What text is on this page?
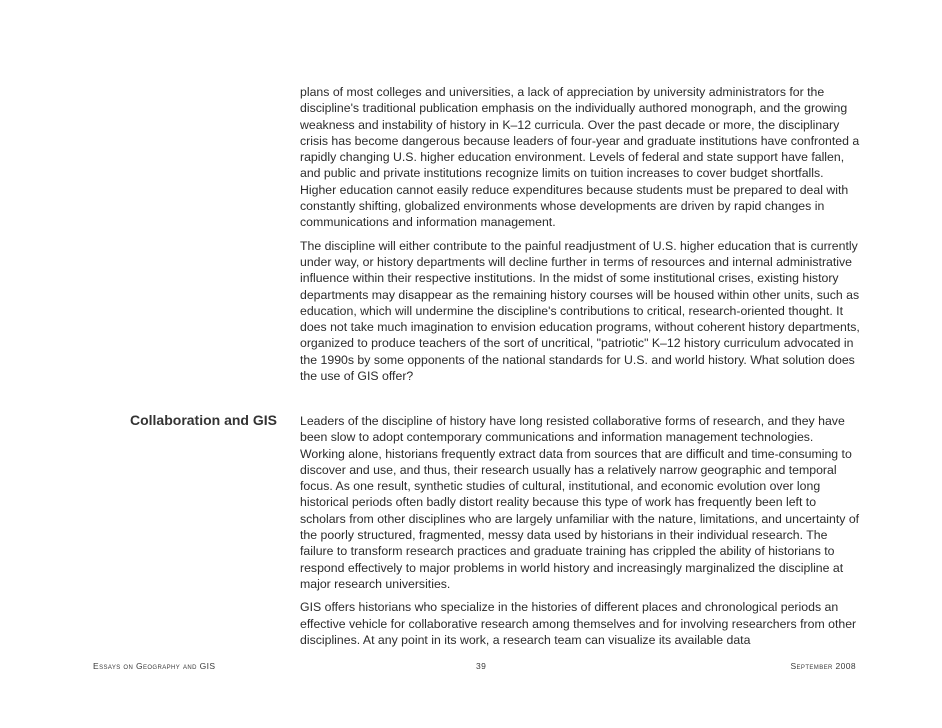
plans of most colleges and universities, a lack of appreciation by university administrators for the discipline's traditional publication emphasis on the individually authored monograph, and the growing weakness and instability of history in K–12 curricula. Over the past decade or more, the disciplinary crisis has become dangerous because leaders of four-year and graduate institutions have confronted a rapidly changing U.S. higher education environment. Levels of federal and state support have fallen, and public and private institutions recognize limits on tuition increases to cover budget shortfalls. Higher education cannot easily reduce expenditures because students must be prepared to deal with constantly shifting, globalized environments whose developments are driven by rapid changes in communications and information management.

The discipline will either contribute to the painful readjustment of U.S. higher education that is currently under way, or history departments will decline further in terms of resources and internal administrative influence within their respective institutions. In the midst of some institutional crises, existing history departments may disappear as the remaining history courses will be housed within other units, such as education, which will undermine the discipline's contributions to critical, research-oriented thought. It does not take much imagination to envision education programs, without coherent history departments, organized to produce teachers of the sort of uncritical, "patriotic" K–12 history curriculum advocated in the 1990s by some opponents of the national standards for U.S. and world history. What solution does the use of GIS offer?

Collaboration and GIS Leaders of the discipline of history have long resisted collaborative forms of research, and they have been slow to adopt contemporary communications and information management technologies. Working alone, historians frequently extract data from sources that are difficult and time-consuming to discover and use, and thus, their research usually has a relatively narrow geographic and temporal focus. As one result, synthetic studies of cultural, institutional, and economic evolution over long historical periods often badly distort reality because this type of work has frequently been left to scholars from other disciplines who are largely unfamiliar with the nature, limitations, and uncertainty of the poorly structured, fragmented, messy data used by historians in their individual research. The failure to transform research practices and graduate training has crippled the ability of historians to respond effectively to major problems in world history and increasingly marginalized the discipline at major research universities.

GIS offers historians who specialize in the histories of different places and chronological periods an effective vehicle for collaborative research among themselves and for involving researchers from other disciplines. At any point in its work, a research team can visualize its available data

Essays on Geography and GIS	39	September 2008
